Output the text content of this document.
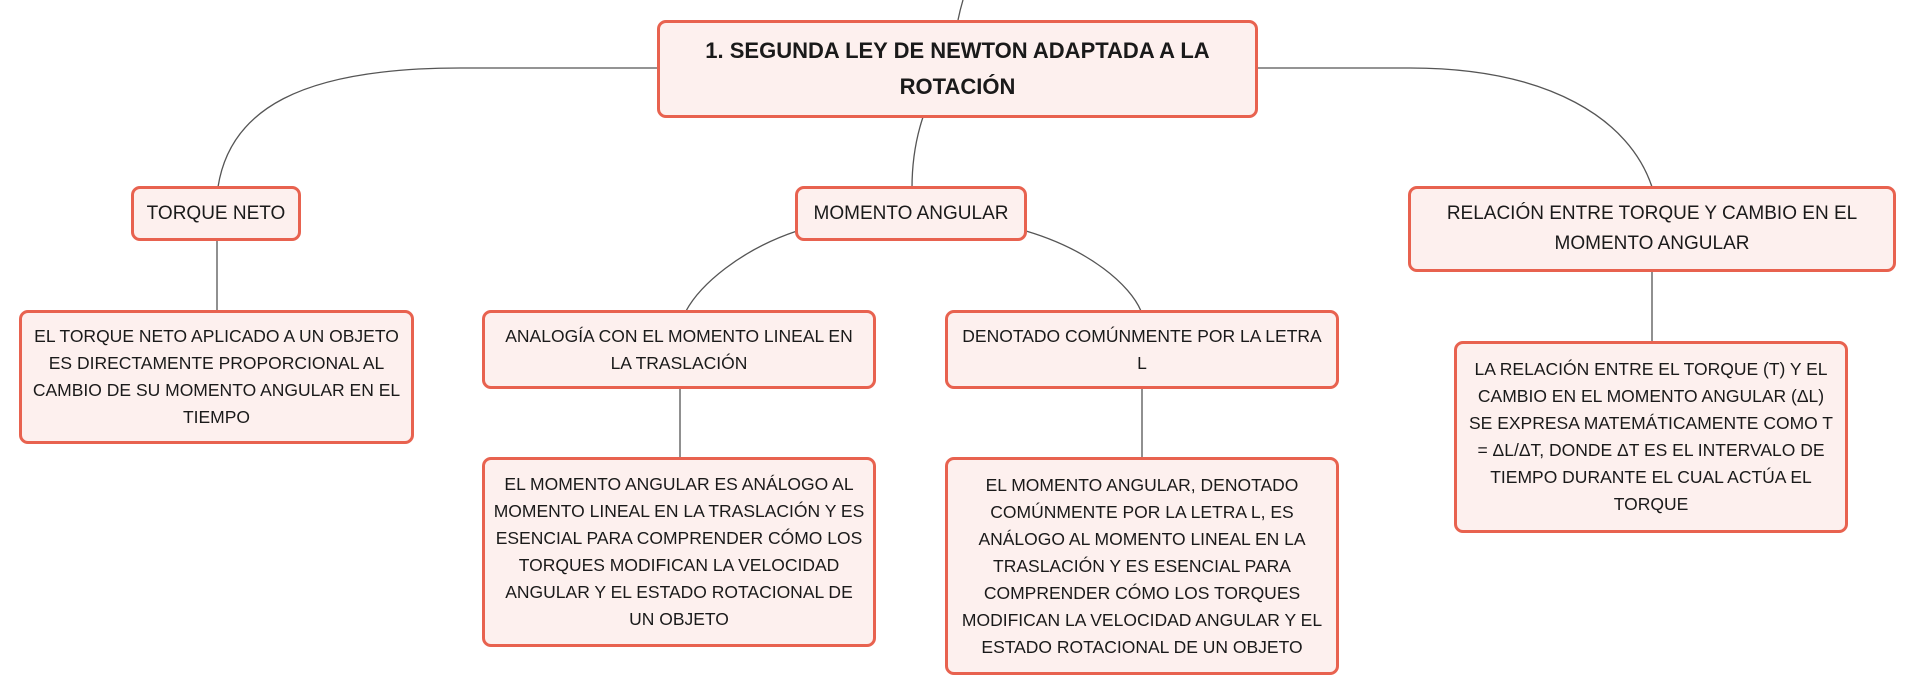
1. SEGUNDA LEY DE NEWTON ADAPTADA A LA ROTACIÓN
TORQUE NETO	MOMENTO ANGULAR	RELACIÓN ENTRE TORQUE Y CAMBIO EN EL MOMENTO ANGULAR
EL TORQUE NETO APLICADO A UN OBJETO ES DIRECTAMENTE PROPORCIONAL AL CAMBIO DE SU MOMENTO ANGULAR EN EL TIEMPO
ANALOGÍA CON EL MOMENTO LINEAL EN LA TRASLACIÓN
DENOTADO COMÚNMENTE POR LA LETRA L
EL MOMENTO ANGULAR ES ANÁLOGO AL MOMENTO LINEAL EN LA TRASLACIÓN Y ES ESENCIAL PARA COMPRENDER CÓMO LOS TORQUES MODIFICAN LA VELOCIDAD ANGULAR Y EL ESTADO ROTACIONAL DE UN OBJETO
EL MOMENTO ANGULAR, DENOTADO COMÚNMENTE POR LA LETRA L, ES ANÁLOGO AL MOMENTO LINEAL EN LA TRASLACIÓN Y ES ESENCIAL PARA COMPRENDER CÓMO LOS TORQUES MODIFICAN LA VELOCIDAD ANGULAR Y EL ESTADO ROTACIONAL DE UN OBJETO
LA RELACIÓN ENTRE EL TORQUE (T) Y EL CAMBIO EN EL MOMENTO ANGULAR (ΔL) SE EXPRESA MATEMÁTICAMENTE COMO T = ΔL/ΔT, DONDE ΔT ES EL INTERVALO DE TIEMPO DURANTE EL CUAL ACTÚA EL TORQUE
